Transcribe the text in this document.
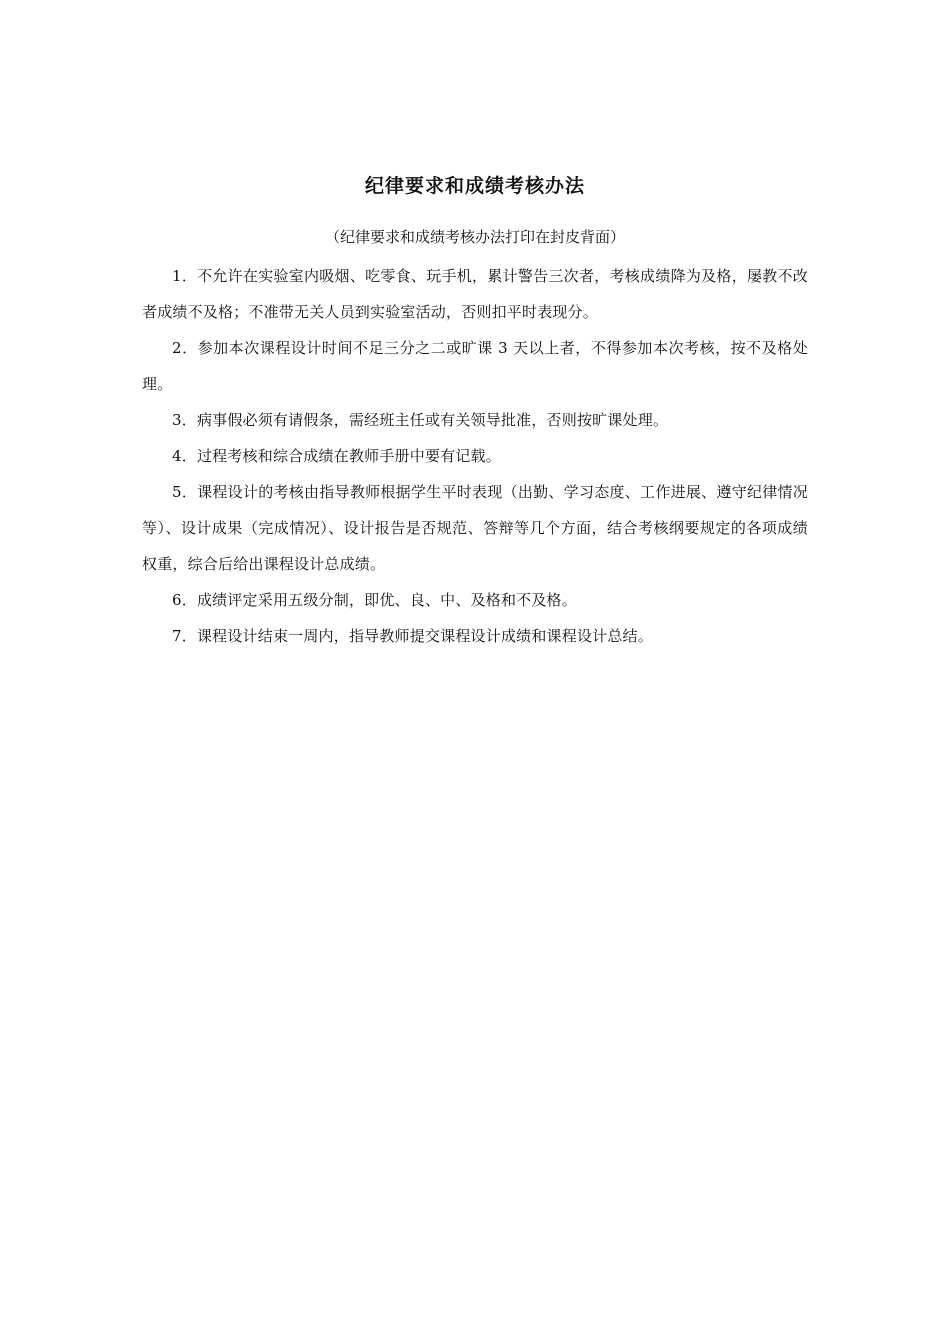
纪律要求和成绩考核办法

（纪律要求和成绩考核办法打印在封皮背面）

1．不允许在实验室内吸烟、吃零食、玩手机，累计警告三次者，考核成绩降为及格，屡教不改者成绩不及格；不准带无关人员到实验室活动，否则扣平时表现分。

2．参加本次课程设计时间不足三分之二或旷课 3 天以上者，不得参加本次考核，按不及格处理。

3．病事假必须有请假条，需经班主任或有关领导批准，否则按旷课处理。

4．过程考核和综合成绩在教师手册中要有记载。

5．课程设计的考核由指导教师根据学生平时表现（出勤、学习态度、工作进展、遵守纪律情况等）、设计成果（完成情况）、设计报告是否规范、答辩等几个方面，结合考核纲要规定的各项成绩权重，综合后给出课程设计总成绩。

6．成绩评定采用五级分制，即优、良、中、及格和不及格。

7．课程设计结束一周内，指导教师提交课程设计成绩和课程设计总结。
